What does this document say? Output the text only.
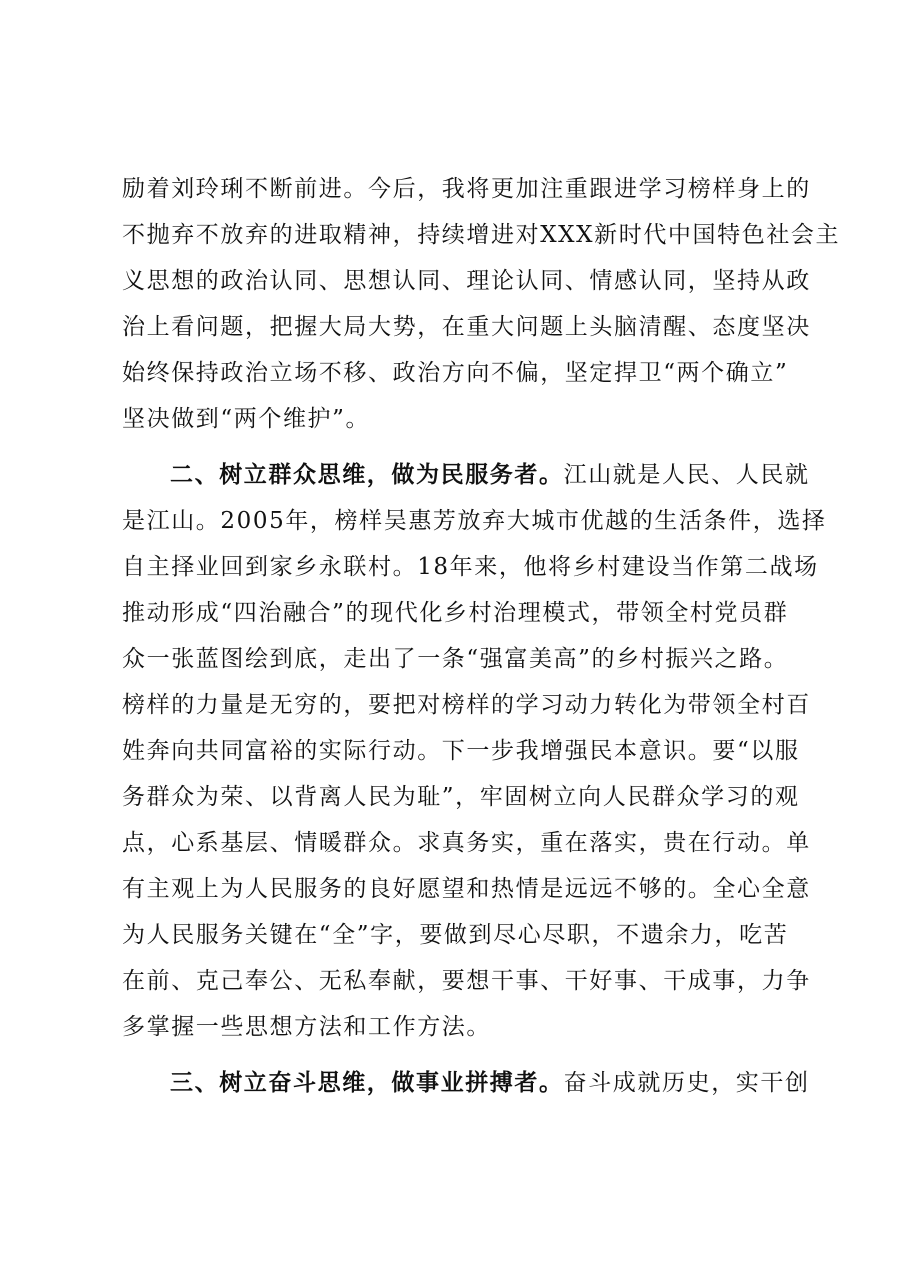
励着刘玲琍不断前进。今后，我将更加注重跟进学习榜样身上的
不抛弃不放弃的进取精神，持续增进对XXX新时代中国特色社会主
义思想的政治认同、思想认同、理论认同、情感认同，坚持从政
治上看问题，把握大局大势，在重大问题上头脑清醒、态度坚决
始终保持政治立场不移、政治方向不偏，坚定捍卫“两个确立”
坚决做到“两个维护”。
二、树立群众思维，做为民服务者。江山就是人民、人民就
是江山。2005年，榜样吴惠芳放弃大城市优越的生活条件，选择
自主择业回到家乡永联村。18年来，他将乡村建设当作第二战场
推动形成“四治融合”的现代化乡村治理模式，带领全村党员群
众一张蓝图绘到底，走出了一条“强富美高”的乡村振兴之路。
榜样的力量是无穷的，要把对榜样的学习动力转化为带领全村百
姓奔向共同富裕的实际行动。下一步我增强民本意识。要“以服
务群众为荣、以背离人民为耻”，牢固树立向人民群众学习的观
点，心系基层、情暖群众。求真务实，重在落实，贵在行动。单
有主观上为人民服务的良好愿望和热情是远远不够的。全心全意
为人民服务关键在“全”字，要做到尽心尽职，不遗余力，吃苦
在前、克己奉公、无私奉献，要想干事、干好事、干成事，力争
多掌握一些思想方法和工作方法。
三、树立奋斗思维，做事业拼搏者。奋斗成就历史，实干创
